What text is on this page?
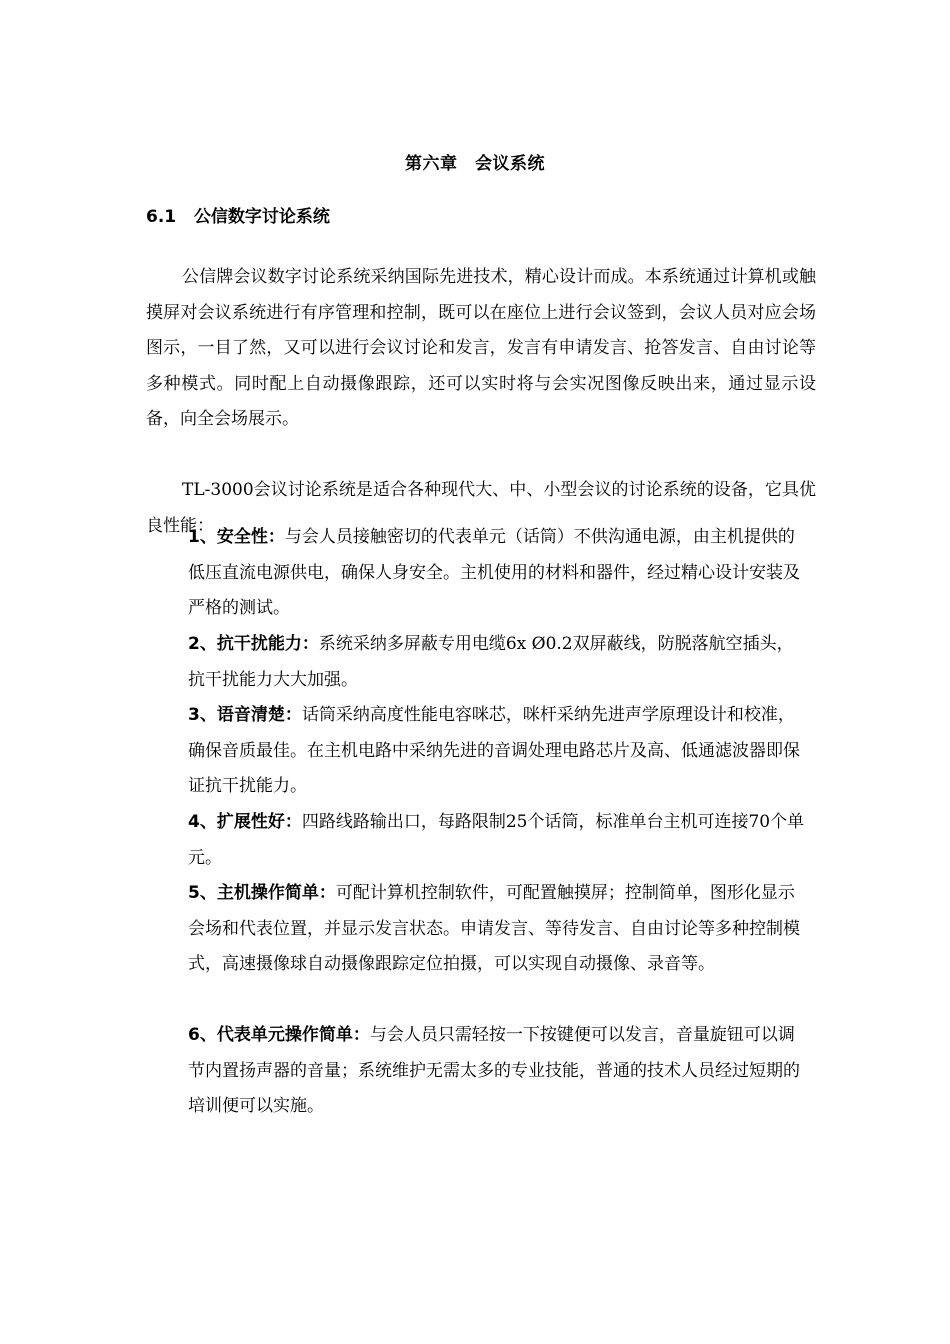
第六章　会议系统
6.1 公信数字讨论系统

公信牌会议数字讨论系统采纳国际先进技术，精心设计而成。本系统通过计算机或触摸屏对会议系统进行有序管理和控制，既可以在座位上进行会议签到，会议人员对应会场图示，一目了然，又可以进行会议讨论和发言，发言有申请发言、抢答发言、自由讨论等多种模式。同时配上自动摄像跟踪，还可以实时将与会实况图像反映出来，通过显示设备，向全会场展示。

TL-3000会议讨论系统是适合各种现代大、中、小型会议的讨论系统的设备，它具优良性能：

1、安全性：与会人员接触密切的代表单元（话筒）不供沟通电源，由主机提供的低压直流电源供电，确保人身安全。主机使用的材料和器件，经过精心设计安装及严格的测试。

2、抗干扰能力：系统采纳多屏蔽专用电缆6x Ø0.2双屏蔽线，防脱落航空插头，抗干扰能力大大加强。

3、语音清楚：话筒采纳高度性能电容咪芯，咪杆采纳先进声学原理设计和校准，确保音质最佳。在主机电路中采纳先进的音调处理电路芯片及高、低通滤波器即保证抗干扰能力。

4、扩展性好：四路线路输出口，每路限制25个话筒，标准单台主机可连接70个单元。

5、主机操作简单：可配计算机控制软件，可配置触摸屏；控制简单，图形化显示会场和代表位置，并显示发言状态。申请发言、等待发言、自由讨论等多种控制模式，高速摄像球自动摄像跟踪定位拍摄，可以实现自动摄像、录音等。

6、代表单元操作简单：与会人员只需轻按一下按键便可以发言，音量旋钮可以调节内置扬声器的音量；系统维护无需太多的专业技能，普通的技术人员经过短期的培训便可以实施。
